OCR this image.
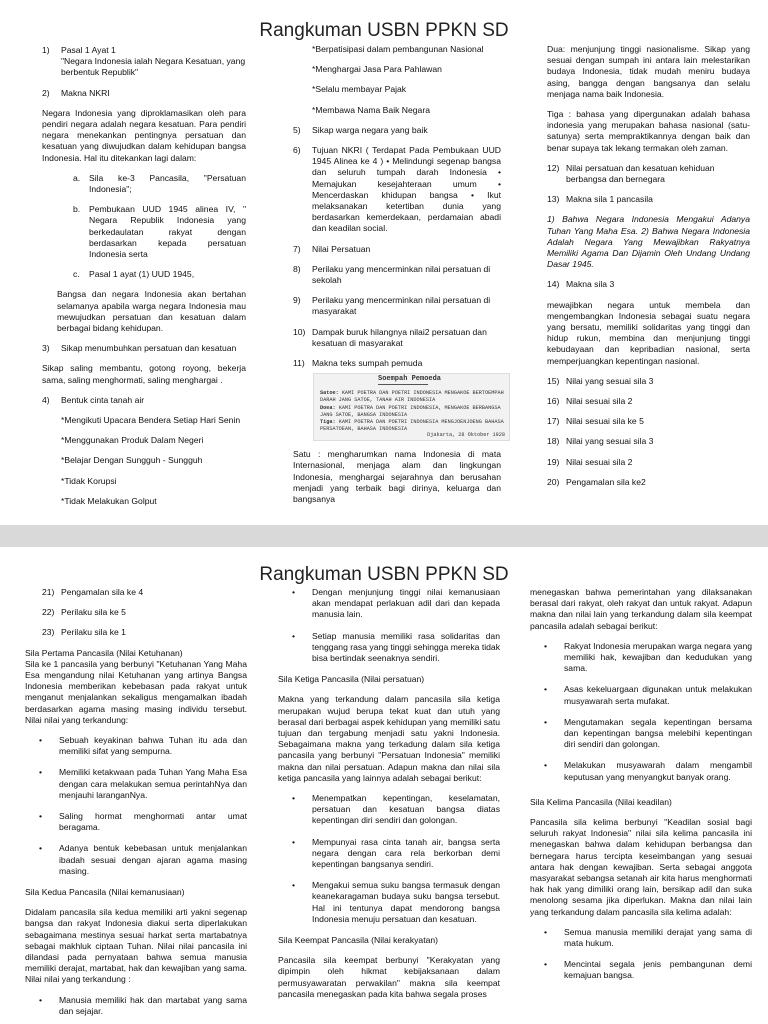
Rangkuman USBN PPKN SD
1) Pasal 1 Ayat 1
"Negara Indonesia ialah Negara Kesatuan, yang berbentuk Republik"
2) Makna NKRI

Negara Indonesia yang diproklamasikan oleh para pendiri negara adalah negara kesatuan. Para pendiri negara menekankan pentingnya persatuan dan kesatuan yang diwujudkan dalam kehidupan bangsa Indonesia. Hal itu ditekankan lagi dalam:

a. Sila ke-3 Pancasila, "Persatuan Indonesia";
b. Pembukaan UUD 1945 alinea IV, " Negara Republik Indonesia yang berkedaulatan rakyat dengan berdasarkan kepada persatuan Indonesia serta
c. Pasal 1 ayat (1) UUD 1945,

Bangsa dan negara Indonesia akan bertahan selamanya apabila warga negara Indonesia mau mewujudkan persatuan dan kesatuan dalam berbagai bidang kehidupan.

3) Sikap menumbuhkan persatuan dan kesatuan

Sikap saling membantu, gotong royong, bekerja sama, saling menghormati, saling menghargai .

4) Bentuk cinta tanah air
*Mengikuti Upacara Bendera Setiap Hari Senin
*Menggunakan Produk Dalam Negeri
*Belajar Dengan Sungguh - Sungguh
*Tidak Korupsi
*Tidak Melakukan Golput
*Berpatisipasi dalam pembangunan Nasional
*Menghargai Jasa Para Pahlawan
*Selalu membayar Pajak
*Membawa Nama Baik Negara
5) Sikap warga negara yang baik
6) Tujuan NKRI ( Terdapat Pada Pembukaan UUD 1945 Alinea ke 4 ) • Melindungi segenap bangsa dan seluruh tumpah darah Indonesia • Memajukan kesejahteraan umum • Mencerdaskan khidupan bangsa • Ikut melaksanakan ketertiban dunia yang berdasarkan kemerdekaan, perdamaian abadi dan keadilan social.
7) Nilai Persatuan
8) Perilaku yang mencerminkan nilai persatuan di sekolah
9) Perilaku yang mencerminkan nilai persatuan di masyarakat
10) Dampak buruk hilangnya nilai2 persatuan dan kesatuan di masyarakat
11) Makna teks sumpah pemuda
Soempah Pemoeda
Satoe: KAMI POETRA DAN POETRI INDONESIA MENGAKOE BERTOEMPAH DARAH JANG SATOE, TANAH AIR INDONESIA
Doea: KAMI POETRA DAN POETRI INDONESIA, MENGAKOE BERBANGSA JANG SATOE, BANGSA INDONESIA
Tiga: KAMI POETRA DAN POETRI INDONESIA MENGJOENJOENG BAHASA PERSATOEAN, BAHASA INDONESIA
Djakarta, 28 Oktober 1928

Satu : mengharumkan nama Indonesia di mata Internasional, menjaga alam dan lingkungan Indonesia, menghargai sejarahnya dan berusahan menjadi yang terbaik bagi dirinya, keluarga dan bangsanya

Dua: menjunjung tinggi nasionalisme. Sikap yang sesuai dengan sumpah ini antara lain melestarikan budaya Indonesia, tidak mudah meniru budaya asing, bangga dengan bangsanya dan selalu menjaga nama baik Indonesia.

Tiga : bahasa yang dipergunakan adalah bahasa indonesia yang merupakan bahasa nasional (satu-satunya) serta mempraktikannya dengan baik dan benar supaya tak lekang termakan oleh zaman.

12) Nilai persatuan dan kesatuan kehiduan berbangsa dan bernegara
13) Makna sila 1 pancasila

1) Bahwa Negara Indonesia Mengakui Adanya Tuhan Yang Maha Esa. 2) Bahwa Negara Indonesia Adalah Negara Yang Mewajibkan Rakyatnya Memiliki Agama Dan Dijamin Oleh Undang Undang Dasar 1945.

14) Makna sila 3

mewajibkan negara untuk membela dan mengembangkan Indonesia sebagai suatu negara yang bersatu, memiliki solidaritas yang tinggi dan hidup rukun, membina dan menjunjung tinggi kebudayaan dan kepribadian nasional, serta memperjuangkan kepentingan nasional.

15) Nilai yang sesuai sila 3
16) Nilai sesuai sila 2
17) Nilai sesuai sila ke 5
18) Nilai yang sesuai sila 3
19) Nilai sesuai sila 2
20) Pengamalan sila ke2
Rangkuman USBN PPKN SD
21) Pengamalan sila ke 4
22) Perilaku sila ke 5
23) Perilaku sila ke 1
Sila Pertama Pancasila (Nilai Ketuhanan)

Sila ke 1 pancasila yang berbunyi "Ketuhanan Yang Maha Esa mengandung nilai Ketuhanan yang artinya Bangsa Indonesia memberikan kebebasan pada rakyat untuk menganut menjalankan sekaligus mengamalkan ibadah berdasarkan agama masing masing individu tersebut. Nilai nilai yang terkandung:

• Sebuah keyakinan bahwa Tuhan itu ada dan memiliki sifat yang sempurna.
• Memiliki ketakwaan pada Tuhan Yang Maha Esa dengan cara melakukan semua perintahNya dan menjauhi laranganNya.
• Saling hormat menghormati antar umat beragama.
• Adanya bentuk kebebasan untuk menjalankan ibadah sesuai dengan ajaran agama masing masing.
Sila Kedua Pancasila (Nilai kemanusiaan)

Didalam pancasila sila kedua memiliki arti yakni segenap bangsa dan rakyat Indonesia diakui serta diperlakukan sebagaimana mestinya sesuai harkat serta martabatnya sebagai makhluk ciptaan Tuhan. Nilai nilai pancasila ini dilandasi pada pernyataan bahwa semua manusia memiliki derajat, martabat, hak dan kewajiban yang sama. Nilai nilai yang terkandung :

• Manusia memiliki hak dan martabat yang sama dan sejajar.
• Dengan menjunjung tinggi nilai kemanusiaan akan mendapat perlakuan adil dari dan kepada manusia lain.
• Setiap manusia memiliki rasa solidaritas dan tenggang rasa yang tinggi sehingga mereka tidak bisa bertindak seenaknya sendiri.
Sila Ketiga Pancasila (Nilai persatuan)

Makna yang terkandung dalam pancasila sila ketiga merupakan wujud berupa tekat kuat dan utuh yang berasal dari berbagai aspek kehidupan yang memiliki satu tujuan dan tergabung menjadi satu yakni Indonesia. Sebagaimana makna yang terkadung dalam sila ketiga pancasila yang berbunyi "Persatuan Indonesia" memiliki makna dan nilai persatuan. Adapun makna dan nilai sila ketiga pancasila yang lainnya adalah sebagai berikut:

• Menempatkan kepentingan, keselamatan, persatuan dan kesatuan bangsa diatas kepentingan diri sendiri dan golongan.
• Mempunyai rasa cinta tanah air, bangsa serta negara dengan cara rela berkorban demi kepentingan bangsanya sendiri.
• Mengakui semua suku bangsa termasuk dengan keanekaragaman budaya suku bangsa tersebut. Hal ini tentunya dapat mendorong bangsa Indonesia menuju persatuan dan kesatuan.
Sila Keempat Pancasila (Nilai kerakyatan)

Pancasila sila keempat berbunyi "Kerakyatan yang dipimpin oleh hikmat kebijaksanaan dalam permusyawaratan perwakilan" makna sila keempat pancasila menegaskan pada kita bahwa segala proses

menegaskan bahwa pemerintahan yang dilaksanakan berasal dari rakyat, oleh rakyat dan untuk rakyat. Adapun makna dan nilai lain yang terkandung dalam sila keempat pancasila adalah sebagai berikut:

• Rakyat Indonesia merupakan warga negara yang memiliki hak, kewajiban dan kedudukan yang sama.
• Asas kekeluargaan digunakan untuk melakukan musyawarah serta mufakat.
• Mengutamakan segala kepentingan bersama dan kepentingan bangsa melebihi kepentingan diri sendiri dan golongan.
• Melakukan musyawarah dalam mengambil keputusan yang menyangkut banyak orang.
Sila Kelima Pancasila (Nilai keadilan)

Pancasila sila kelima berbunyi "Keadilan sosial bagi seluruh rakyat Indonesia" nilai sila kelima pancasila ini menegaskan bahwa dalam kehidupan berbangsa dan bernegara harus tercipta keseimbangan yang sesuai antara hak dengan kewajiban. Serta sebagai anggota masyarakat sebangsa setanah air kita harus menghormati hak hak yang dimiliki orang lain, bersikap adil dan suka menolong sesama jika diperlukan. Makna dan nilai lain yang terkandung dalam pancasila sila kelima adalah:

• Semua manusia memiliki derajat yang sama di mata hukum.
• Mencintai segala jenis pembangunan demi kemajuan bangsa.
